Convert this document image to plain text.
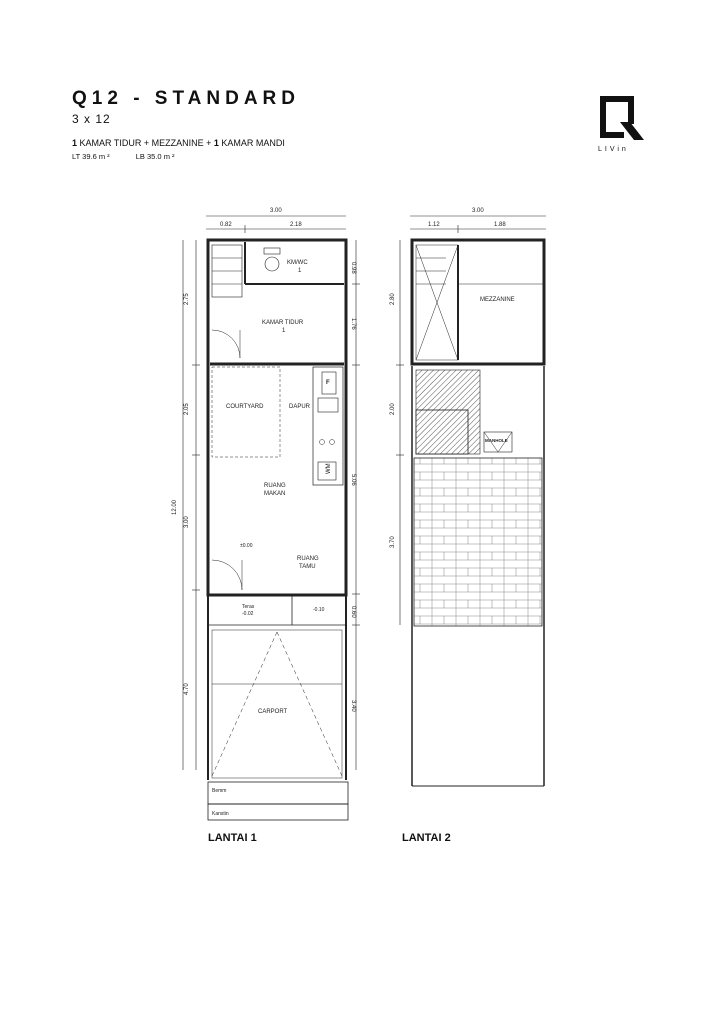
Q12 - STANDARD
3 x 12
1 KAMAR TIDUR + MEZZANINE + 1 KAMAR MANDI
LT 39.6 m ²	LB 35.0 m ²
LIVin
3.00
0.82	2.18
2.75
2.05
3.00
4.70
12.00
0.98
1.76
5.06
0.60
3.40
KM/WC
1
KAMAR TIDUR
1
COURTYARD	DAPUR
F
WM
RUANG
MAKAN
±0.00
RUANG
TAMU
Teras
-0.02
-0.10
CARPORT
Bemm
Kanstin
3.00
1.12	1.88
2.80
2.00
3.70
MEZZANINE
MANHOLE
LANTAI 1	LANTAI 2
